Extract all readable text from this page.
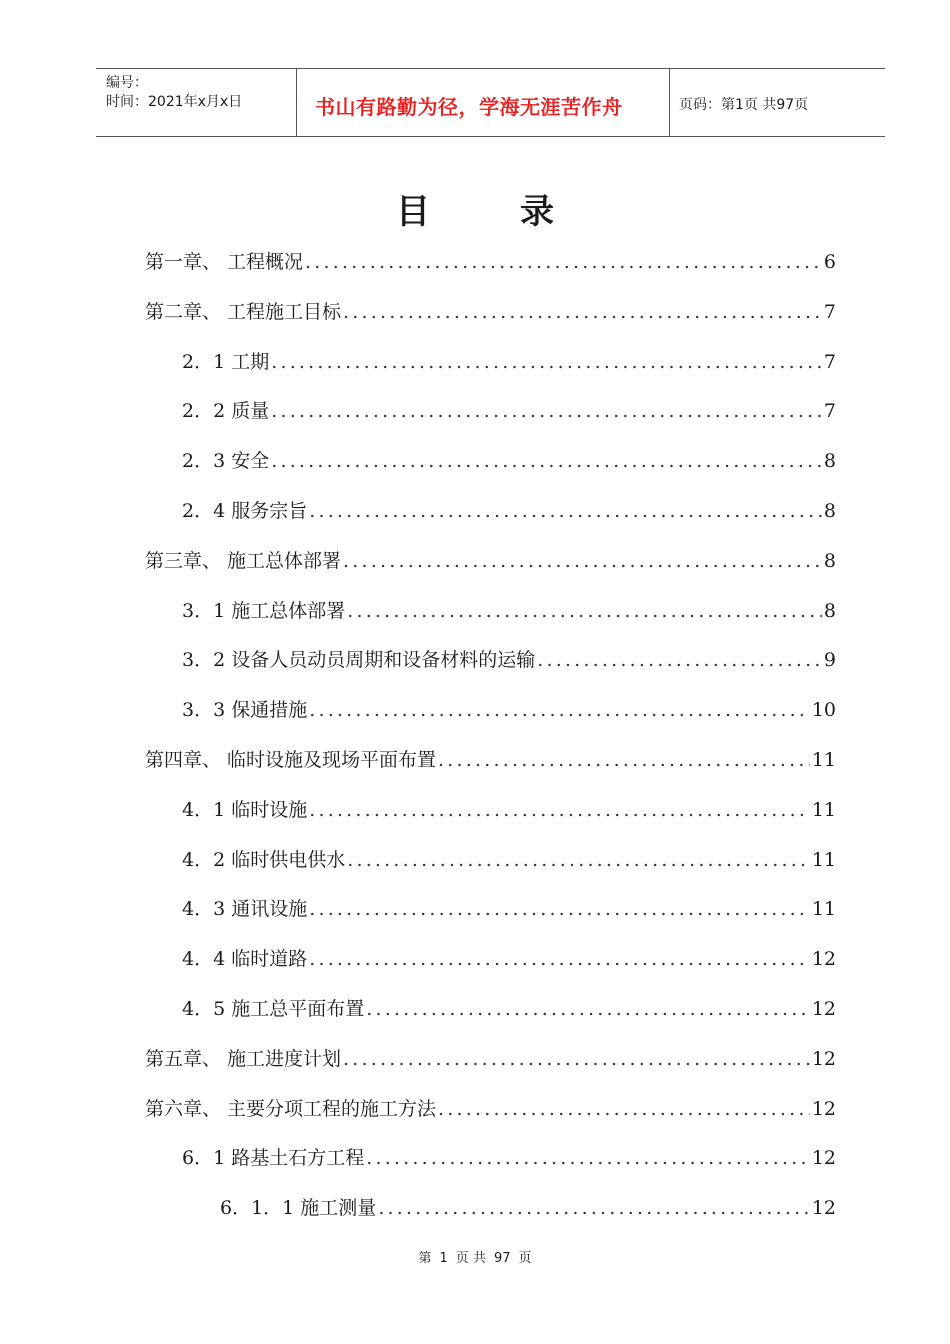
编号：
时间：2021年x月x日	书山有路勤为径，学海无涯苦作舟	页码：第1页 共97页
目	录
第一章、 工程概况 .....	6
第二章、 工程施工目标 .....	7
2．1 工期 .....	7
2．2 质量 .....	7
2．3 安全 .....	8
2．4 服务宗旨 .....	8
第三章、 施工总体部署 .....	8
3．1 施工总体部署 .....	8
3．2 设备人员动员周期和设备材料的运输 .....	9
3．3 保通措施 .....	10
第四章、 临时设施及现场平面布置 .....	11
4．1 临时设施 .....	11
4．2 临时供电供水 .....	11
4．3 通讯设施 .....	11
4．4 临时道路 .....	12
4．5 施工总平面布置 .....	12
第五章、 施工进度计划 .....	12
第六章、 主要分项工程的施工方法 .....	12
6．1 路基土石方工程 .....	12
6．1．1 施工测量 .....	12
第 1 页 共 97 页
